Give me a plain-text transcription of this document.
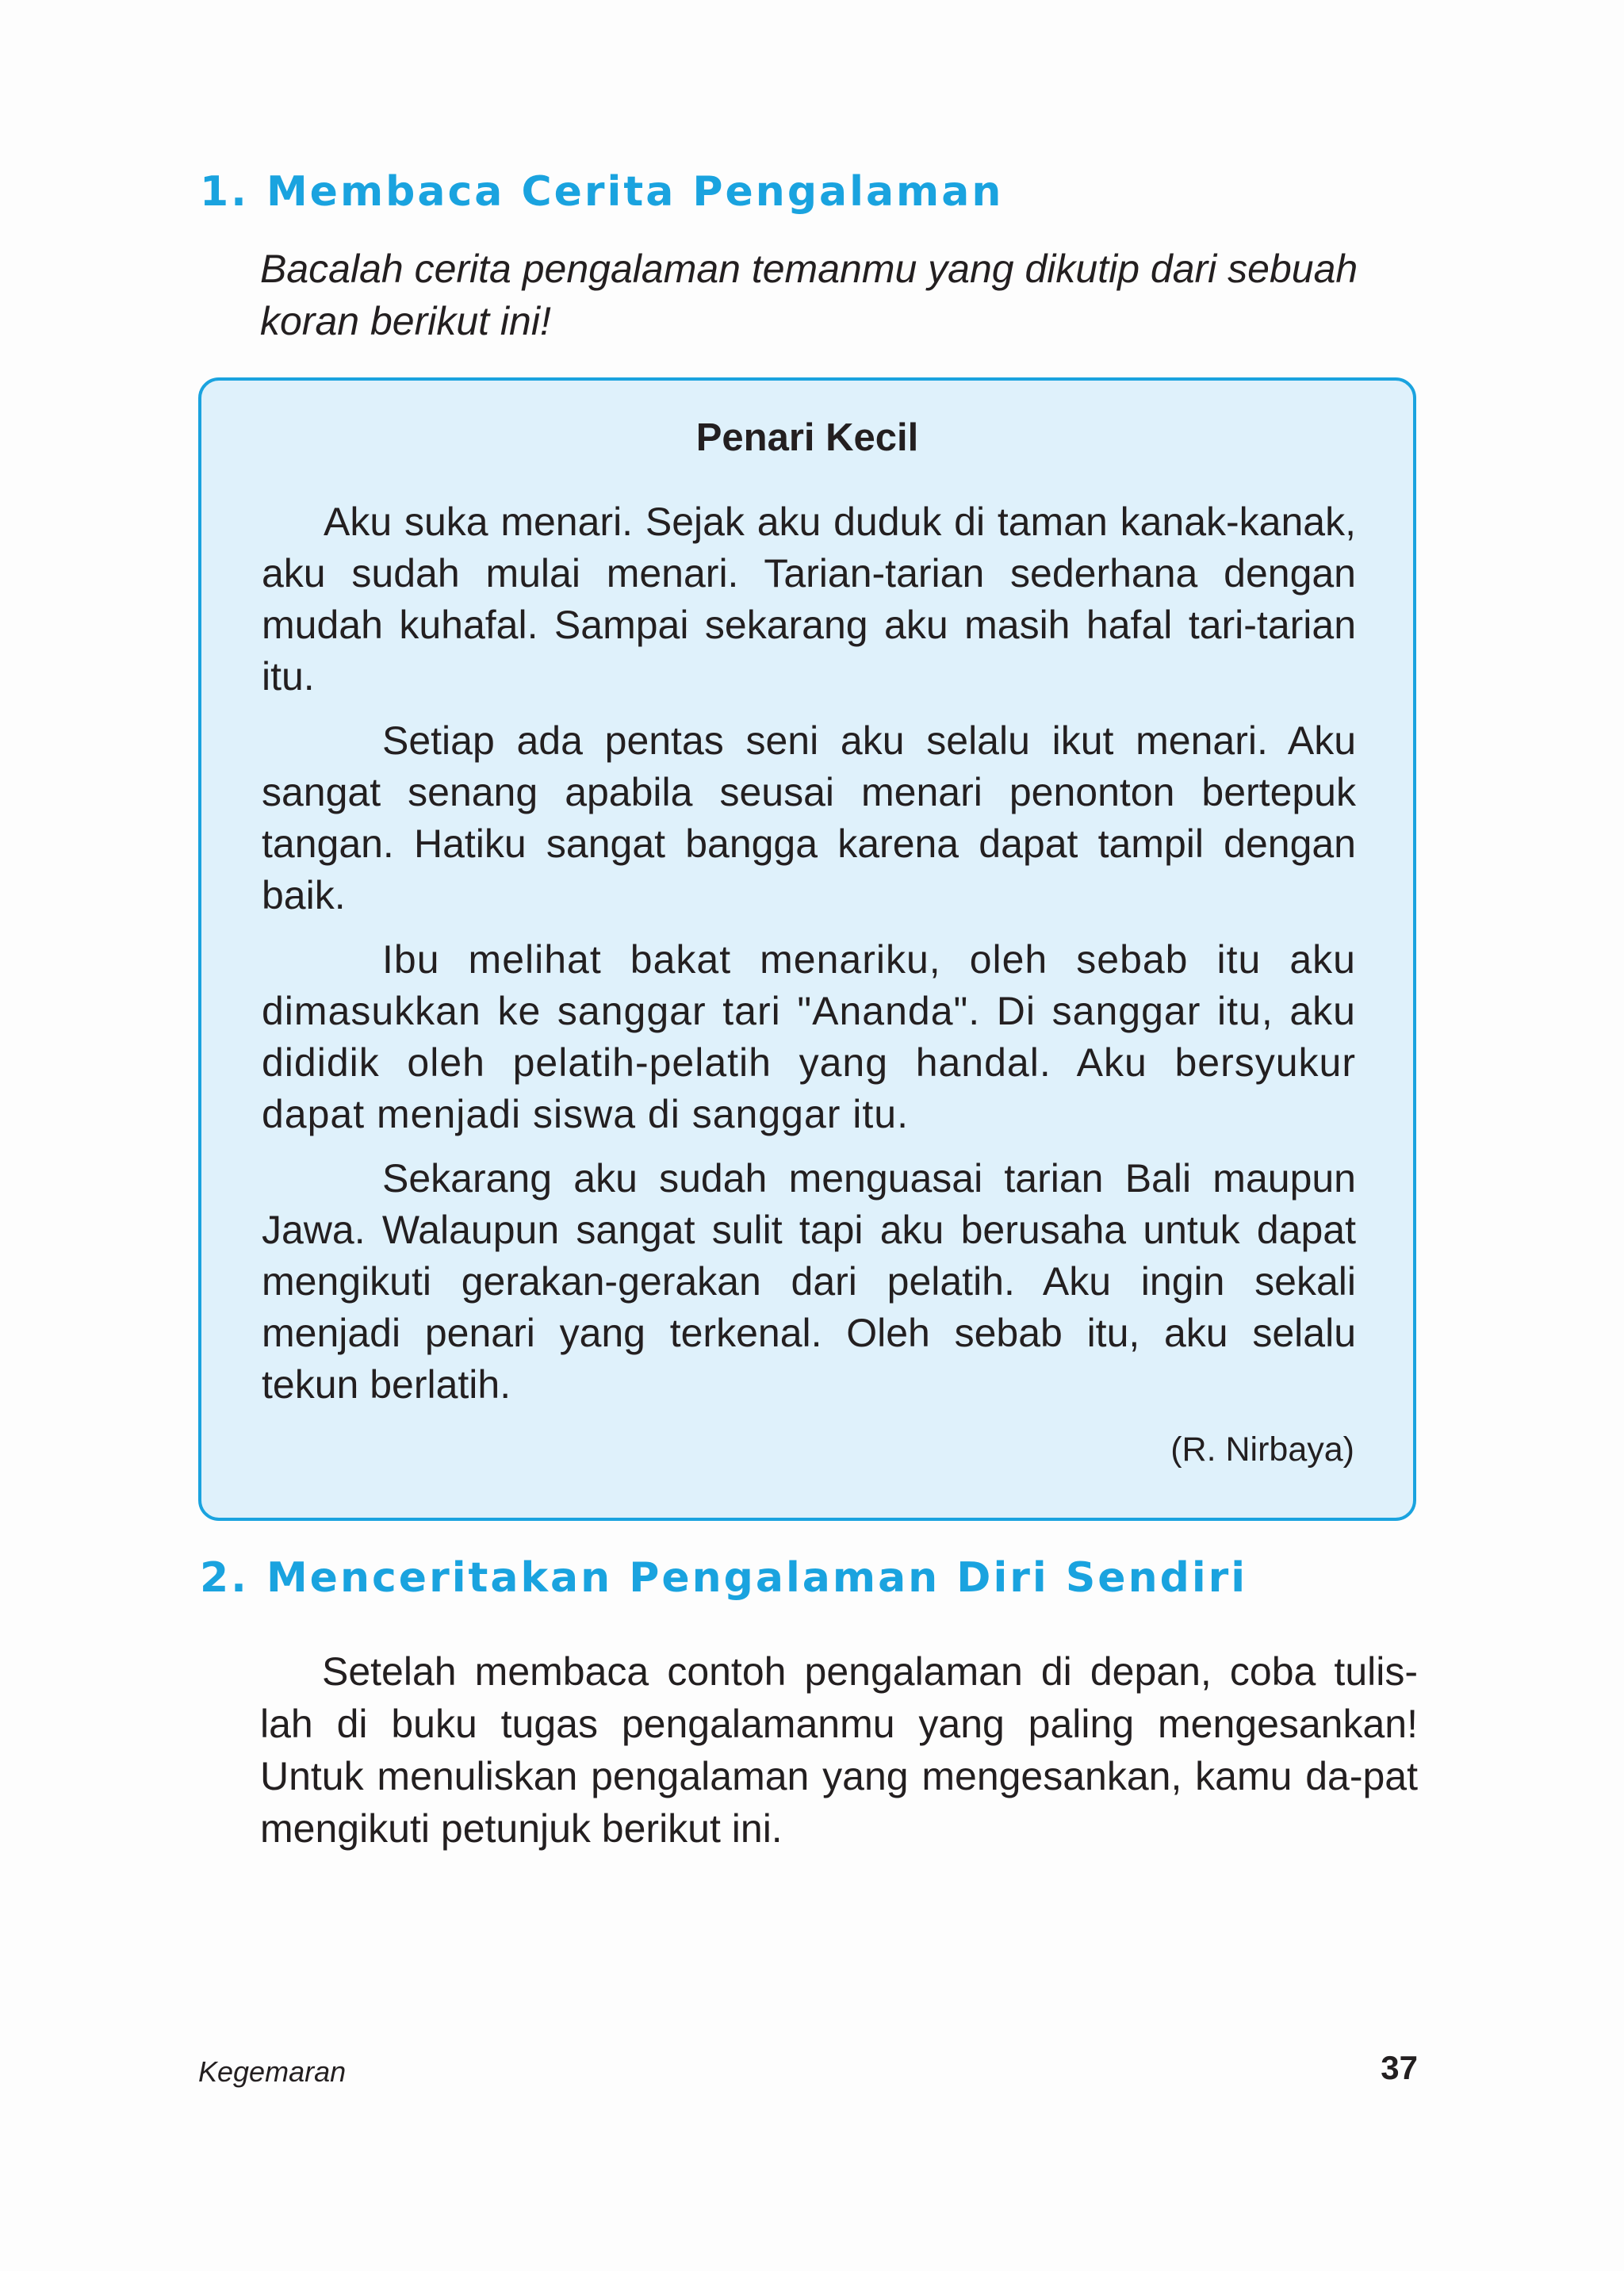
1. Membaca Cerita Pengalaman
Bacalah cerita pengalaman temanmu yang dikutip dari sebuah koran berikut ini!
Penari Kecil
Aku suka menari. Sejak aku duduk di taman kanak-kanak, aku sudah mulai menari. Tarian-tarian sederhana dengan mudah kuhafal. Sampai sekarang aku masih hafal tari-tarian itu.
Setiap ada pentas seni aku selalu ikut menari. Aku sangat senang apabila seusai menari penonton bertepuk tangan. Hatiku sangat bangga karena dapat tampil dengan baik.
Ibu melihat bakat menariku, oleh sebab itu aku dimasukkan ke sanggar tari "Ananda". Di sanggar itu, aku dididik oleh pelatih-pelatih yang handal. Aku bersyukur dapat menjadi siswa di sanggar itu.
Sekarang aku sudah menguasai tarian Bali maupun Jawa. Walaupun sangat sulit tapi aku berusaha untuk dapat mengikuti gerakan-gerakan dari pelatih. Aku ingin sekali menjadi penari yang terkenal. Oleh sebab itu, aku selalu tekun berlatih.
(R. Nirbaya)
2. Menceritakan Pengalaman Diri Sendiri
Setelah membaca contoh pengalaman di depan, coba tulis-lah di buku tugas pengalamanmu yang paling mengesankan! Untuk menuliskan pengalaman yang mengesankan, kamu da-pat mengikuti petunjuk berikut ini.
Kegemaran	37
